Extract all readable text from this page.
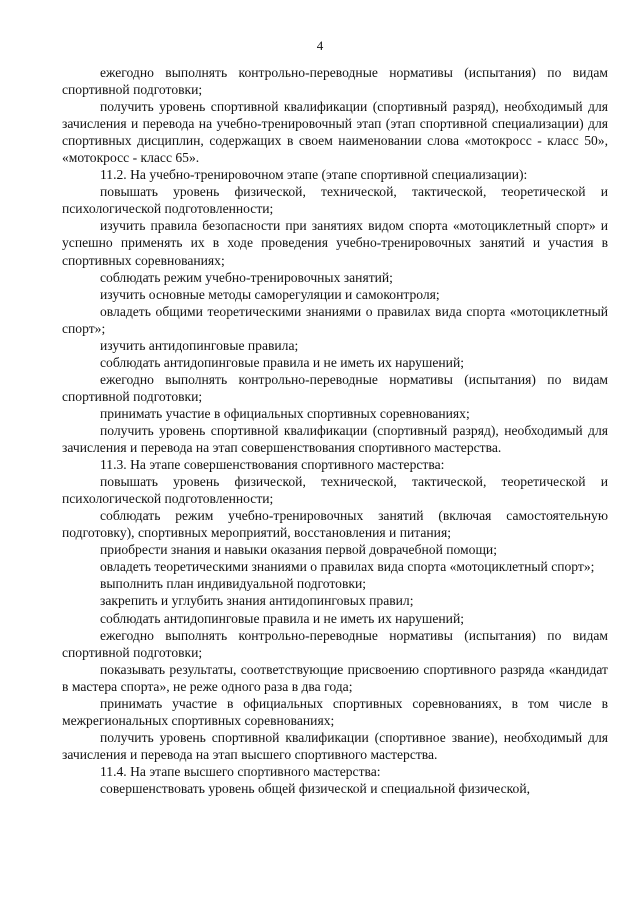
4

ежегодно выполнять контрольно-переводные нормативы (испытания) по видам спортивной подготовки;

получить уровень спортивной квалификации (спортивный разряд), необходимый для зачисления и перевода на учебно-тренировочный этап (этап спортивной специализации) для спортивных дисциплин, содержащих в своем наименовании слова «мотокросс - класс 50», «мотокросс - класс 65».

11.2. На учебно-тренировочном этапе (этапе спортивной специализации):

повышать уровень физической, технической, тактической, теоретической и психологической подготовленности;

изучить правила безопасности при занятиях видом спорта «мотоциклетный спорт» и успешно применять их в ходе проведения учебно-тренировочных занятий и участия в спортивных соревнованиях;

соблюдать режим учебно-тренировочных занятий;

изучить основные методы саморегуляции и самоконтроля;

овладеть общими теоретическими знаниями о правилах вида спорта «мотоциклетный спорт»;

изучить антидопинговые правила;

соблюдать антидопинговые правила и не иметь их нарушений;

ежегодно выполнять контрольно-переводные нормативы (испытания) по видам спортивной подготовки;

принимать участие в официальных спортивных соревнованиях;

получить уровень спортивной квалификации (спортивный разряд), необходимый для зачисления и перевода на этап совершенствования спортивного мастерства.

11.3. На этапе совершенствования спортивного мастерства:

повышать уровень физической, технической, тактической, теоретической и психологической подготовленности;

соблюдать режим учебно-тренировочных занятий (включая самостоятельную подготовку), спортивных мероприятий, восстановления и питания;

приобрести знания и навыки оказания первой доврачебной помощи;

овладеть теоретическими знаниями о правилах вида спорта «мотоциклетный спорт»;

выполнить план индивидуальной подготовки;

закрепить и углубить знания антидопинговых правил;

соблюдать антидопинговые правила и не иметь их нарушений;

ежегодно выполнять контрольно-переводные нормативы (испытания) по видам спортивной подготовки;

показывать результаты, соответствующие присвоению спортивного разряда «кандидат в мастера спорта», не реже одного раза в два года;

принимать участие в официальных спортивных соревнованиях, в том числе в межрегиональных спортивных соревнованиях;

получить уровень спортивной квалификации (спортивное звание), необходимый для зачисления и перевода на этап высшего спортивного мастерства.

11.4. На этапе высшего спортивного мастерства:

совершенствовать уровень общей физической и специальной физической,
